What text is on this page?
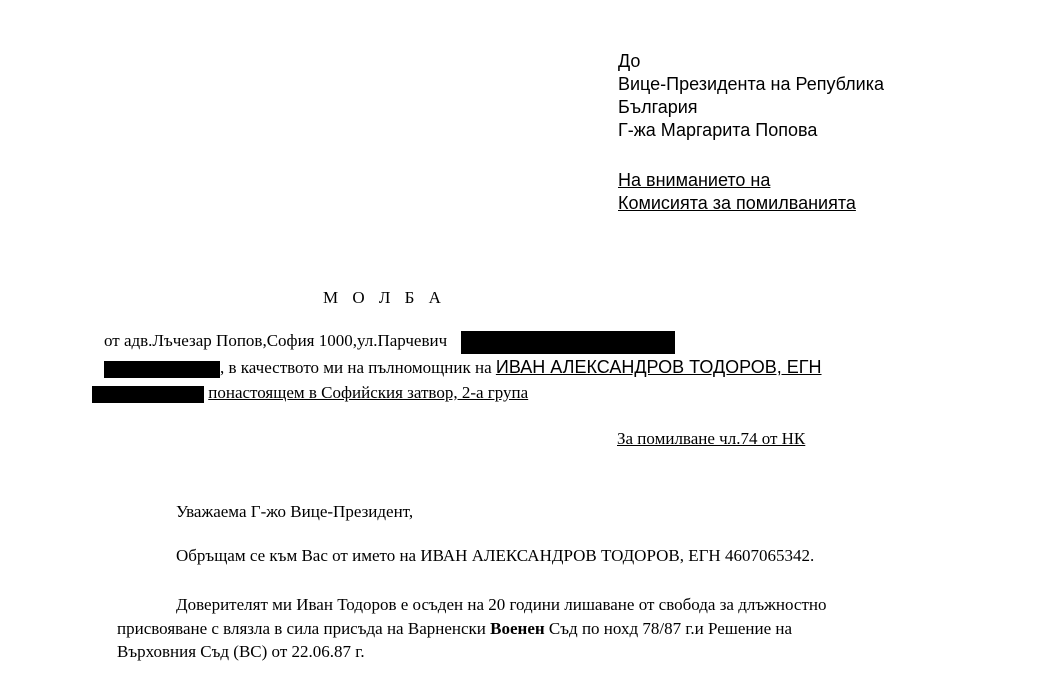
До
Вице-Президента на Република
България
Г-жа Маргарита Попова
На вниманието на
Комисията за помилванията
М О Л Б А
от адв.Лъчезар Попов,София 1000,ул.Парчевич
, в качеството ми на пълномощник на ИВАН АЛЕКСАНДРОВ ТОДОРОВ, ЕГН
понастоящем в Софийския затвор, 2-а група
За помилване чл.74 от НК
Уважаема Г-жо Вице-Президент,
Обръщам се към Вас от името на ИВАН АЛЕКСАНДРОВ ТОДОРОВ, ЕГН 4607065342.
Доверителят ми Иван Тодоров е осъден на 20 години лишаване от свобода за длъжностно
присвояване с влязла в сила присъда на Варненски Военен Съд по нохд 78/87 г.и Решение на
Върховния Съд (ВС) от 22.06.87 г.
